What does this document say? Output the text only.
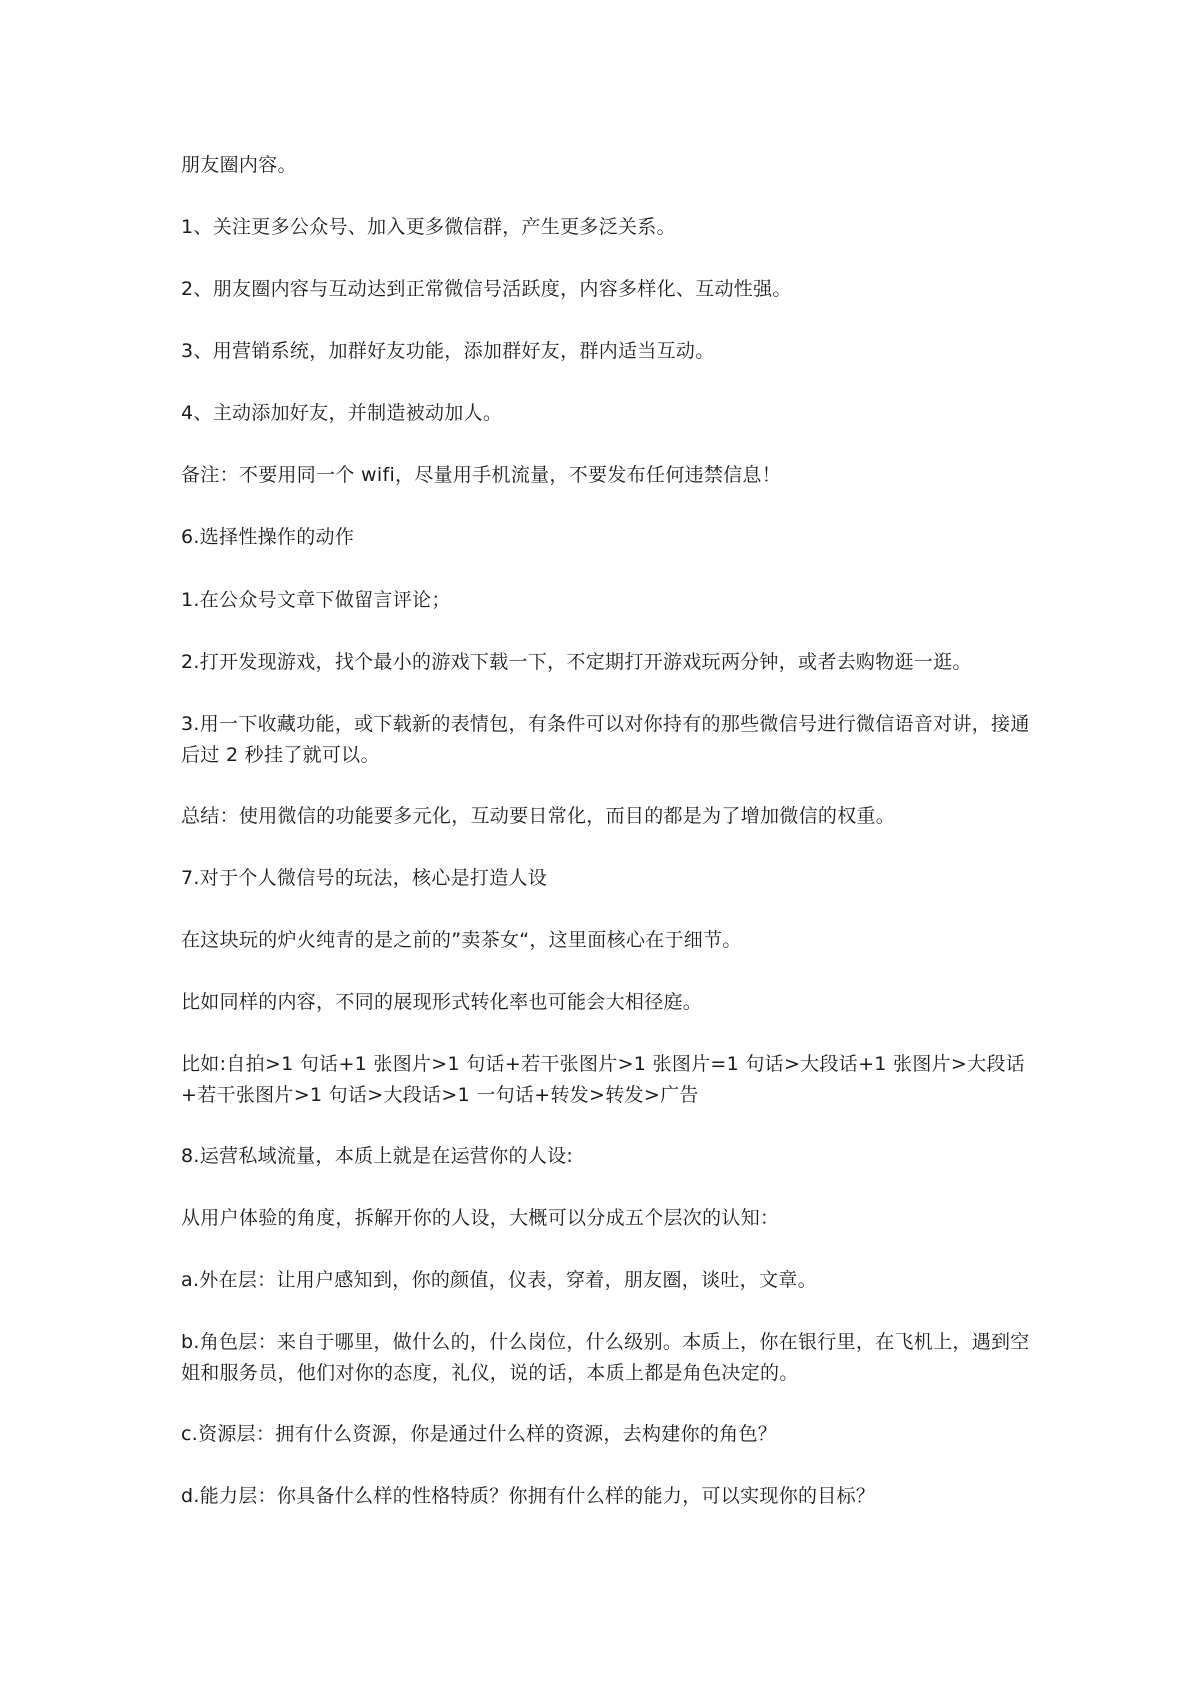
朋友圈内容。

1、关注更多公众号、加入更多微信群，产生更多泛关系。

2、朋友圈内容与互动达到正常微信号活跃度，内容多样化、互动性强。

3、用营销系统，加群好友功能，添加群好友，群内适当互动。

4、主动添加好友，并制造被动加人。

备注：不要用同一个 wifi，尽量用手机流量，不要发布任何违禁信息！

6.选择性操作的动作

1.在公众号文章下做留言评论；

2.打开发现游戏，找个最小的游戏下载一下，不定期打开游戏玩两分钟，或者去购物逛一逛。

3.用一下收藏功能，或下载新的表情包，有条件可以对你持有的那些微信号进行微信语音对讲，接通后过 2 秒挂了就可以。

总结：使用微信的功能要多元化，互动要日常化，而目的都是为了增加微信的权重。

7.对于个人微信号的玩法，核心是打造人设

在这块玩的炉火纯青的是之前的”卖茶女“，这里面核心在于细节。

比如同样的内容，不同的展现形式转化率也可能会大相径庭。

比如:自拍>1 句话+1 张图片>1 句话+若干张图片>1 张图片=1 句话>大段话+1 张图片>大段话+若干张图片>1 句话>大段话>1 一句话+转发>转发>广告

8.运营私域流量，本质上就是在运营你的人设:

从用户体验的角度，拆解开你的人设，大概可以分成五个层次的认知：

a.外在层：让用户感知到，你的颜值，仪表，穿着，朋友圈，谈吐，文章。

b.角色层：来自于哪里，做什么的，什么岗位，什么级别。本质上，你在银行里，在飞机上，遇到空姐和服务员，他们对你的态度，礼仪，说的话，本质上都是角色决定的。

c.资源层：拥有什么资源，你是通过什么样的资源，去构建你的角色？

d.能力层：你具备什么样的性格特质？你拥有什么样的能力，可以实现你的目标？
